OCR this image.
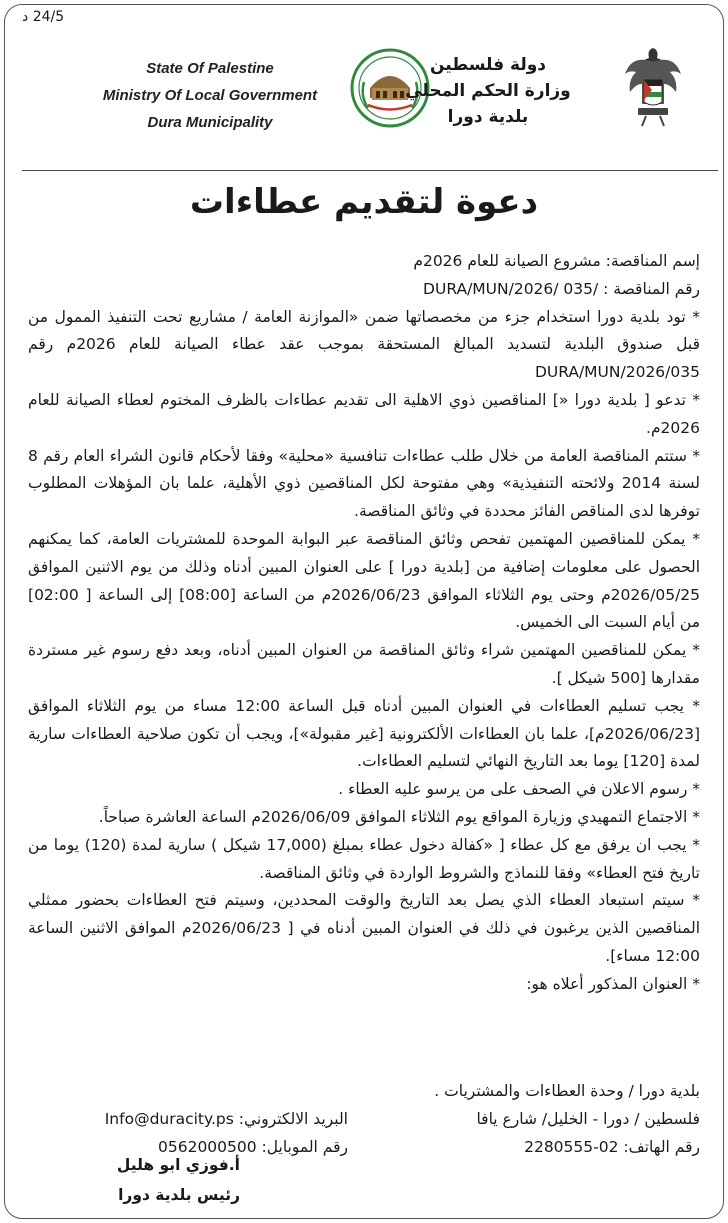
24/5 د
State Of Palestine
Ministry Of Local Government
Dura Municipality
دولة فلسطين
وزارة الحكم المحلي
بلدية دورا
دعوة لتقديم عطاءات

إسم المناقصة: مشروع الصيانة للعام 2026م

رقم المناقصة : DURA/MUN/2026/ 035/

* تود بلدية دورا استخدام جزء من مخصصاتها ضمن «الموازنة العامة / مشاريع تحت التنفيذ الممول من قبل صندوق البلدية لتسديد المبالغ المستحقة بموجب عقد عطاء الصيانة للعام 2026م رقم 035/DURA/MUN/2026

* تدعو [ بلدية دورا «] المناقصين ذوي الاهلية الى تقديم عطاءات بالظرف المختوم لعطاء الصيانة للعام 2026م.

* ستتم المناقصة العامة من خلال طلب عطاءات تنافسية «محلية» وفقا لأحكام قانون الشراء العام رقم 8 لسنة 2014 ولائحته التنفيذية» وهي مفتوحة لكل المناقصين ذوي الأهلية، علما بان المؤهلات المطلوب توفرها لدى المناقص الفائز محددة في وثائق المناقصة.

* يمكن للمناقصين المهتمين تفحص وثائق المناقصة عبر البوابة الموحدة للمشتريات العامة، كما يمكنهم الحصول على معلومات إضافية من [بلدية دورا ] على العنوان المبين أدناه وذلك من يوم الاثنين الموافق 2026/05/25م وحتى يوم الثلاثاء الموافق 2026/06/23م من الساعة [08:00] إلى الساعة [ 02:00] من أيام السبت الى الخميس.

* يمكن للمناقصين المهتمين شراء وثائق المناقصة من العنوان المبين أدناه، وبعد دفع رسوم غير مستردة مقدارها [500 شيكل ].

* يجب تسليم العطاءات في العنوان المبين أدناه قبل الساعة 12:00 مساء من يوم الثلاثاء الموافق [2026/06/23م]، علما بان العطاءات الألكترونية [غير مقبولة»]، ويجب أن تكون صلاحية العطاءات سارية لمدة [120] يوما بعد التاريخ النهائي لتسليم العطاءات.

* رسوم الاعلان في الصحف على من يرسو عليه العطاء .

* الاجتماع التمهيدي وزيارة المواقع يوم الثلاثاء الموافق 2026/06/09م الساعة العاشرة صباحاً.

* يجب ان يرفق مع كل عطاء [ «كفالة دخول عطاء بمبلغ (17,000 شيكل ) سارية لمدة (120) يوما من تاريخ فتح العطاء» وفقا للنماذج والشروط الواردة في وثائق المناقصة.

* سيتم استبعاد العطاء الذي يصل بعد التاريخ والوقت المحددين، وسيتم فتح العطاءات بحضور ممثلي المناقصين الذين يرغبون في ذلك في العنوان المبين أدناه في [ 2026/06/23م الموافق الاثنين الساعة 12:00 مساء].

* العنوان المذكور أعلاه هو:

بلدية دورا / وحدة العطاءات والمشتريات .
فلسطين / دورا - الخليل/ شارع يافا
البريد الالكتروني: Info@duracity.ps
رقم الهاتف: 02-2280555
رقم الموبايل: 0562000500
أ.فوزي ابو هليل
رئيس بلدية دورا
